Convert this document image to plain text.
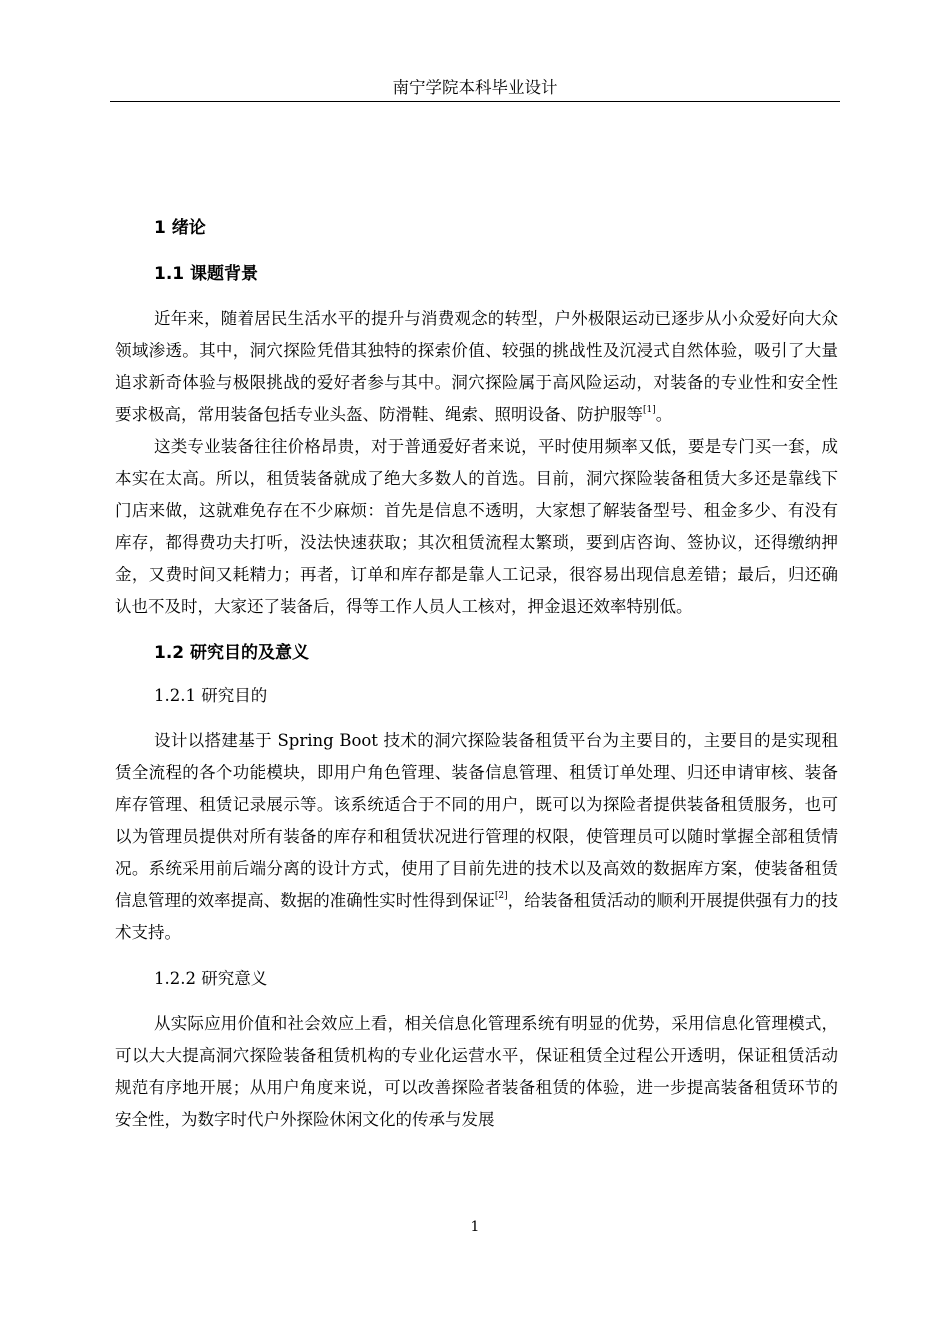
南宁学院本科毕业设计
1 绪论
1.1 课题背景

近年来，随着居民生活水平的提升与消费观念的转型，户外极限运动已逐步从小众爱好向大众领域渗透。其中，洞穴探险凭借其独特的探索价值、较强的挑战性及沉浸式自然体验，吸引了大量追求新奇体验与极限挑战的爱好者参与其中。洞穴探险属于高风险运动，对装备的专业性和安全性要求极高，常用装备包括专业头盔、防滑鞋、绳索、照明设备、防护服等[1]。

这类专业装备往往价格昂贵，对于普通爱好者来说，平时使用频率又低，要是专门买一套，成本实在太高。所以，租赁装备就成了绝大多数人的首选。目前，洞穴探险装备租赁大多还是靠线下门店来做，这就难免存在不少麻烦：首先是信息不透明，大家想了解装备型号、租金多少、有没有库存，都得费功夫打听，没法快速获取；其次租赁流程太繁琐，要到店咨询、签协议，还得缴纳押金，又费时间又耗精力；再者，订单和库存都是靠人工记录，很容易出现信息差错；最后，归还确认也不及时，大家还了装备后，得等工作人员人工核对，押金退还效率特别低。

1.2 研究目的及意义
1.2.1 研究目的

设计以搭建基于 Spring Boot 技术的洞穴探险装备租赁平台为主要目的，主要目的是实现租赁全流程的各个功能模块，即用户角色管理、装备信息管理、租赁订单处理、归还申请审核、装备库存管理、租赁记录展示等。该系统适合于不同的用户，既可以为探险者提供装备租赁服务，也可以为管理员提供对所有装备的库存和租赁状况进行管理的权限，使管理员可以随时掌握全部租赁情况。系统采用前后端分离的设计方式，使用了目前先进的技术以及高效的数据库方案，使装备租赁信息管理的效率提高、数据的准确性实时性得到保证[2]，给装备租赁活动的顺利开展提供强有力的技术支持。

1.2.2 研究意义

从实际应用价值和社会效应上看，相关信息化管理系统有明显的优势，采用信息化管理模式，可以大大提高洞穴探险装备租赁机构的专业化运营水平，保证租赁全过程公开透明，保证租赁活动规范有序地开展；从用户角度来说，可以改善探险者装备租赁的体验，进一步提高装备租赁环节的安全性，为数字时代户外探险休闲文化的传承与发展

1
